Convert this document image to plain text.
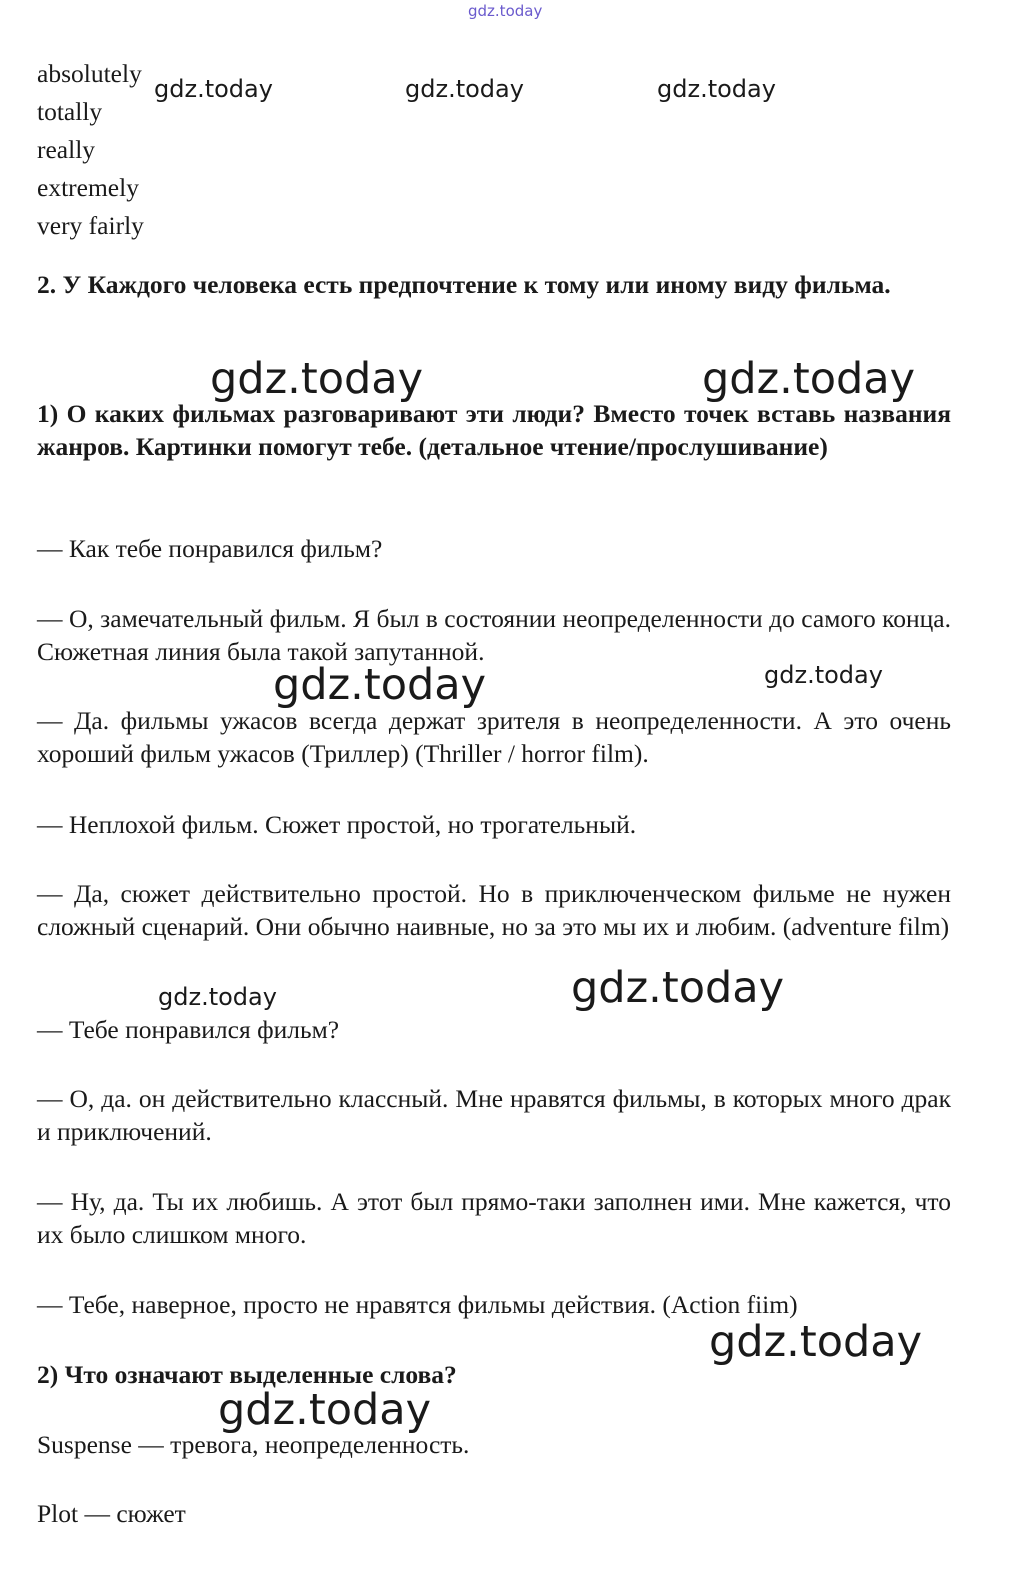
gdz.today
absolutely
totally
really
extremely
very fairly
gdz.today	gdz.today	gdz.today

2. У Каждого человека есть предпочтение к тому или иному виду фильма.

gdz.today	gdz.today

1) О каких фильмах разговаривают эти люди? Вместо точек вставь названия жанров. Картинки помогут тебе. (детальное чтение/прослушивание)

— Как тебе понравился фильм?

— О, замечательный фильм. Я был в состоянии неопределенности до самого конца. Сюжетная линия была такой запутанной.

gdz.today	gdz.today

— Да. фильмы ужасов всегда держат зрителя в неопределенности. А это очень хороший фильм ужасов (Триллер) (Thriller / horror film).

— Неплохой фильм. Сюжет простой, но трогательный.

— Да, сюжет действительно простой. Но в приключенческом фильме не нужен сложный сценарий. Они обычно наивные, но за это мы их и любим. (adventure film)

gdz.today	gdz.today

— Тебе понравился фильм?

— О, да. он действительно классный. Мне нравятся фильмы, в которых много драк и приключений.

— Ну, да. Ты их любишь. А этот был прямо-таки заполнен ими. Мне кажется, что их было слишком много.

— Тебе, наверное, просто не нравятся фильмы действия. (Action fiim)

gdz.today

2) Что означают выделенные слова?

gdz.today

Suspense — тревога, неопределенность.

Plot — сюжет
